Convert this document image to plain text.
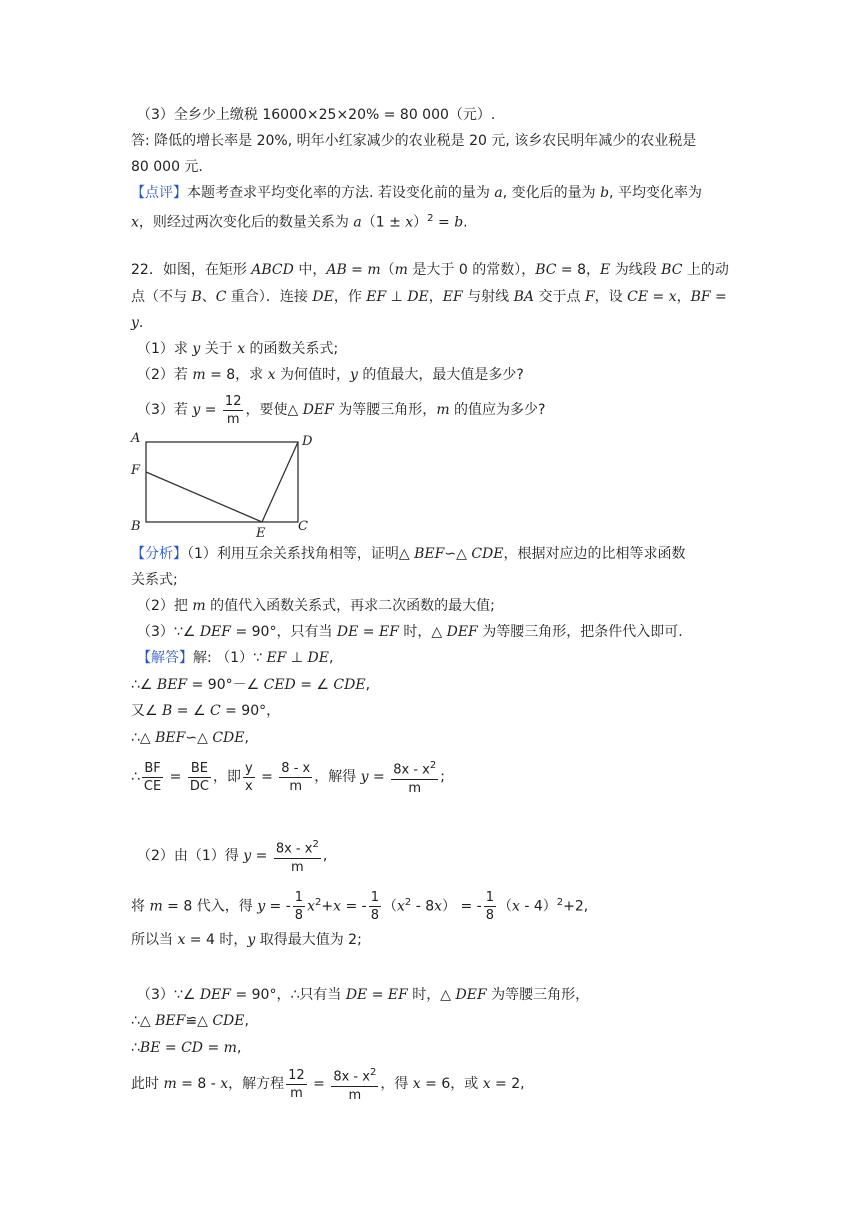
（3）全乡少上缴税 16000×25×20% = 80 000（元）.
答: 降低的增长率是 20%, 明年小红家减少的农业税是 20 元, 该乡农民明年减少的农业税是
80 000 元.
【点评】本题考查求平均变化率的方法. 若设变化前的量为 a, 变化后的量为 b, 平均变化率为
x，则经过两次变化后的数量关系为 $a(1 \pm x)^2 = b$.
22．如图，在矩形 ABCD 中，AB = m（m 是大于 0 的常数），BC = 8，E 为线段 BC 上的动
点（不与 B、C 重合）．连接 DE，作 EF ⊥ DE，EF 与射线 BA 交于点 F，设 CE = x，BF =
y.
（1）求 y 关于 x 的函数关系式;
（2）若 m = 8，求 x 为何值时，y 的值最大，最大值是多少?
（3）若 $y = \frac{12}{m}$ ，要使△ DEF 为等腰三角形，m 的值应为多少?
A	D
F
B	E	C
【分析】（1）利用互余关系找角相等，证明△ BEF∽△ CDE，根据对应边的比相等求函数
关系式;
（2）把 m 的值代入函数关系式，再求二次函数的最大值;
（3）∵∠ DEF = 90°，只有当 DE = EF 时，△ DEF 为等腰三角形，把条件代入即可.
【解答】解: （1）∵ EF ⊥ DE,
∴∠ BEF = 90°－∠ CED = ∠ CDE,
又∠ B = ∠ C = 90°，
∴△ BEF∽△ CDE,
∴ $\frac{BF}{CE} = \frac{BE}{DC}$ ，即 $\frac{y}{x} = \frac{8 - x}{m}$ ，解得 $y = \frac{8x - x^2}{m}$ ;
（2）由（1）得 $y = \frac{8x - x^2}{m}$ ,
将 m = 8 代入，得 y = - $\frac{1}{8} x^2+x$ = - $\frac{1}{8} (x^2 - 8x)$ = - $\frac{1}{8} (x - 4)^2+2$,
所以当 x = 4 时，y 取得最大值为 2;
（3）∵∠ DEF = 90°，∴只有当 DE = EF 时，△ DEF 为等腰三角形，
∴△ BEF≌△ CDE,
∴BE = CD = m,
此时 m = 8 - x，解方程 $\frac{12}{m} = \frac{8x - x^2}{m}$ ，得 x = 6，或 x = 2,
